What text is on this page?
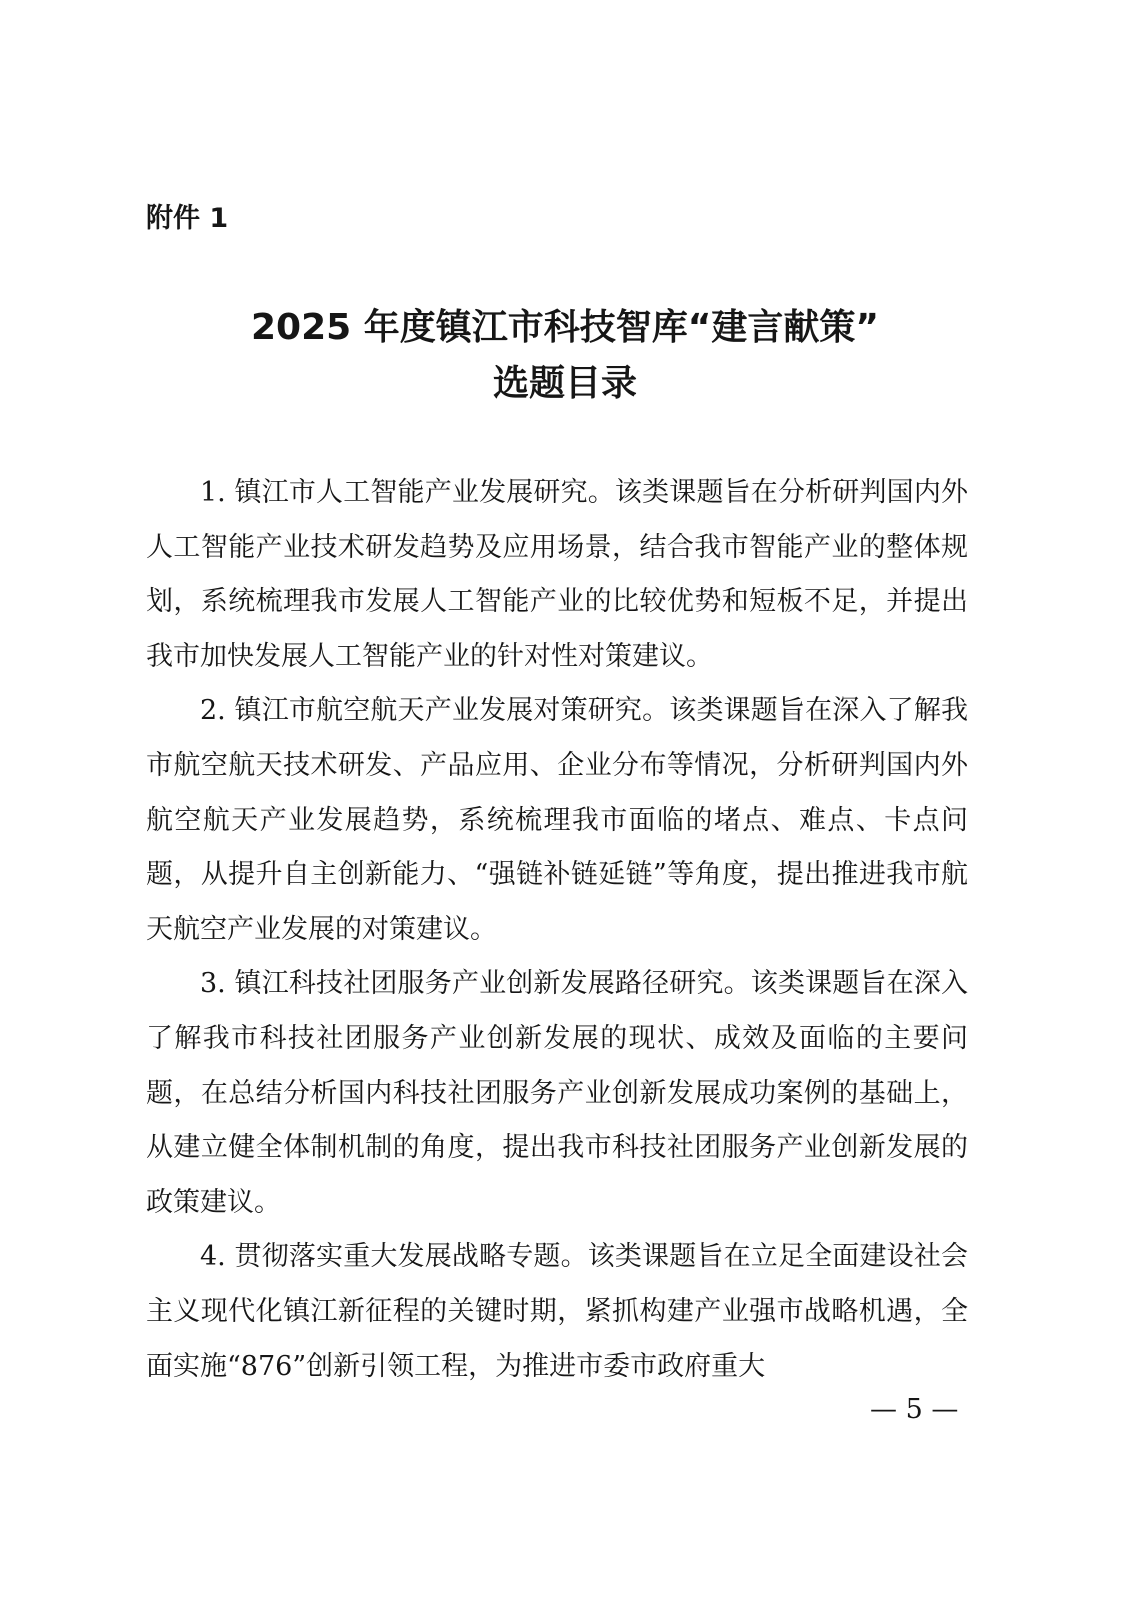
附件 1

2025 年度镇江市科技智库“建言献策”

选题目录

1. 镇江市人工智能产业发展研究。该类课题旨在分析研判国内外人工智能产业技术研发趋势及应用场景，结合我市智能产业的整体规划，系统梳理我市发展人工智能产业的比较优势和短板不足，并提出我市加快发展人工智能产业的针对性对策建议。

2. 镇江市航空航天产业发展对策研究。该类课题旨在深入了解我市航空航天技术研发、产品应用、企业分布等情况，分析研判国内外航空航天产业发展趋势，系统梳理我市面临的堵点、难点、卡点问题，从提升自主创新能力、“强链补链延链”等角度，提出推进我市航天航空产业发展的对策建议。

3. 镇江科技社团服务产业创新发展路径研究。该类课题旨在深入了解我市科技社团服务产业创新发展的现状、成效及面临的主要问题，在总结分析国内科技社团服务产业创新发展成功案例的基础上，从建立健全体制机制的角度，提出我市科技社团服务产业创新发展的政策建议。

4. 贯彻落实重大发展战略专题。该类课题旨在立足全面建设社会主义现代化镇江新征程的关键时期，紧抓构建产业强市战略机遇，全面实施“876”创新引领工程，为推进市委市政府重大

— 5 —
